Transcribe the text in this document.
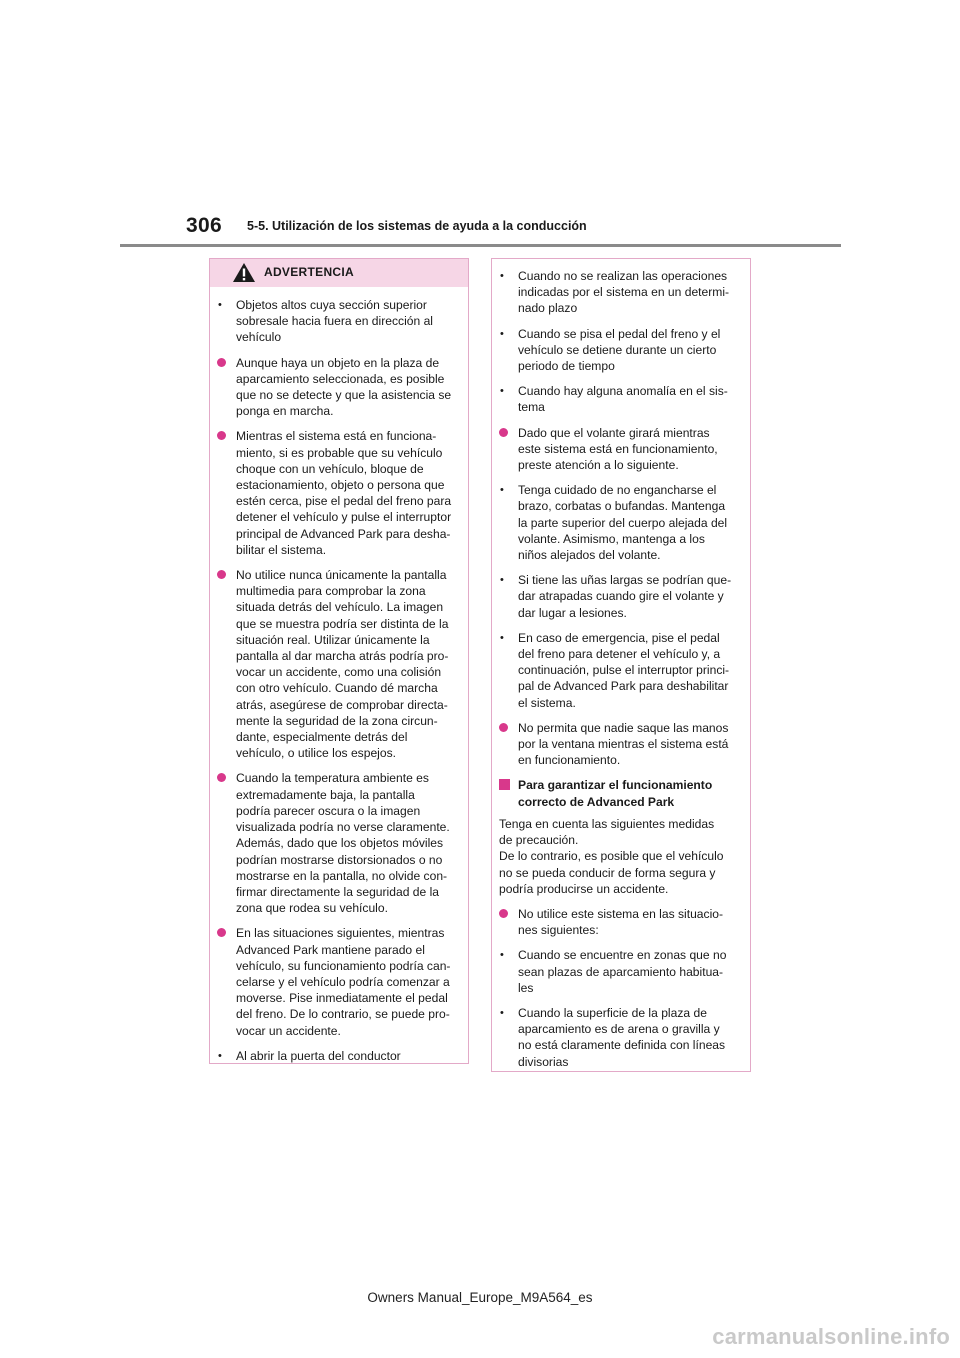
306 5-5. Utilización de los sistemas de ayuda a la conducción
ADVERTENCIA
Objetos altos cuya sección superior
sobresale hacia fuera en dirección al
vehículo
Aunque haya un objeto en la plaza de
aparcamiento seleccionada, es posible
que no se detecte y que la asistencia se
ponga en marcha.
Mientras el sistema está en funciona-
miento, si es probable que su vehículo
choque con un vehículo, bloque de
estacionamiento, objeto o persona que
estén cerca, pise el pedal del freno para
detener el vehículo y pulse el interruptor
principal de Advanced Park para desha-
bilitar el sistema.
No utilice nunca únicamente la pantalla
multimedia para comprobar la zona
situada detrás del vehículo. La imagen
que se muestra podría ser distinta de la
situación real. Utilizar únicamente la
pantalla al dar marcha atrás podría pro-
vocar un accidente, como una colisión
con otro vehículo. Cuando dé marcha
atrás, asegúrese de comprobar directa-
mente la seguridad de la zona circun-
dante, especialmente detrás del
vehículo, o utilice los espejos.
Cuando la temperatura ambiente es
extremadamente baja, la pantalla
podría parecer oscura o la imagen
visualizada podría no verse claramente.
Además, dado que los objetos móviles
podrían mostrarse distorsionados o no
mostrarse en la pantalla, no olvide con-
firmar directamente la seguridad de la
zona que rodea su vehículo.
En las situaciones siguientes, mientras
Advanced Park mantiene parado el
vehículo, su funcionamiento podría can-
celarse y el vehículo podría comenzar a
moverse. Pise inmediatamente el pedal
del freno. De lo contrario, se puede pro-
vocar un accidente.
Al abrir la puerta del conductor
Cuando no se realizan las operaciones
indicadas por el sistema en un determi-
nado plazo
Cuando se pisa el pedal del freno y el
vehículo se detiene durante un cierto
periodo de tiempo
Cuando hay alguna anomalía en el sis-
tema
Dado que el volante girará mientras
este sistema está en funcionamiento,
preste atención a lo siguiente.
Tenga cuidado de no engancharse el
brazo, corbatas o bufandas. Mantenga
la parte superior del cuerpo alejada del
volante. Asimismo, mantenga a los
niños alejados del volante.
Si tiene las uñas largas se podrían que-
dar atrapadas cuando gire el volante y
dar lugar a lesiones.
En caso de emergencia, pise el pedal
del freno para detener el vehículo y, a
continuación, pulse el interruptor princi-
pal de Advanced Park para deshabilitar
el sistema.
No permita que nadie saque las manos
por la ventana mientras el sistema está
en funcionamiento.
Para garantizar el funcionamiento
correcto de Advanced Park
Tenga en cuenta las siguientes medidas
de precaución.
De lo contrario, es posible que el vehículo
no se pueda conducir de forma segura y
podría producirse un accidente.
No utilice este sistema en las situacio-
nes siguientes:
Cuando se encuentre en zonas que no
sean plazas de aparcamiento habitua-
les
Cuando la superficie de la plaza de
aparcamiento es de arena o gravilla y
no está claramente definida con líneas
divisorias
Owners Manual_Europe_M9A564_es
carmanualsonline.info
